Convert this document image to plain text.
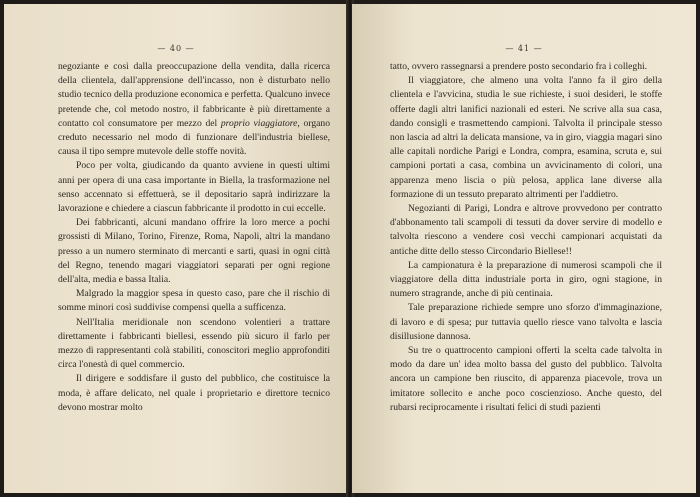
— 40 —

negoziante e così dalla preoccupazione della vendita, dalla ricerca della clientela, dall'apprensione dell'incasso, non è disturbato nello studio tecnico della produzione economica e perfetta. Qualcuno invece pretende che, col metodo nostro, il fabbricante è più direttamente a contatto col consumatore per mezzo del proprio viaggiatore, organo creduto necessario nel modo di funzionare dell'industria biellese, causa il tipo sempre mutevole delle stoffe novità.

Poco per volta, giudicando da quanto avviene in questi ultimi anni per opera di una casa importante in Biella, la trasformazione nel senso accennato si effettuerà, se il depositario saprà indirizzare la lavorazione e chiedere a ciascun fabbricante il prodotto in cui eccelle.

Dei fabbricanti, alcuni mandano offrire la loro merce a pochi grossisti di Milano, Torino, Firenze, Roma, Napoli, altri la mandano presso a un numero sterminato di mercanti e sarti, quasi in ogni città del Regno, tenendo magari viaggiatori separati per ogni regione dell'alta, media e bassa Italia.

Malgrado la maggior spesa in questo caso, pare che il rischio di somme minori così suddivise compensi quella a sufficenza.

Nell'Italia meridionale non scendono volentieri a trattare direttamente i fabbricanti biellesi, essendo più sicuro il farlo per mezzo di rappresentanti colà stabiliti, conoscitori meglio approfonditi circa l'onestà di quel commercio.

Il dirigere e soddisfare il gusto del pubblico, che costituisce la moda, è affare delicato, nel quale i proprietario e direttore tecnico devono mostrar molto

— 41 —

tatto, ovvero rassegnarsi a prendere posto secondario fra i colleghi.

Il viaggiatore, che almeno una volta l'anno fa il giro della clientela e l'avvicina, studia le sue richieste, i suoi desideri, le stoffe offerte dagli altri lanifici nazionali ed esteri. Ne scrive alla sua casa, dando consigli e trasmettendo campioni. Talvolta il principale stesso non lascia ad altri la delicata mansione, va in giro, viaggia magari sino alle capitali nordiche Parigi e Londra, compra, esamina, scruta e, sui campioni portati a casa, combina un avvicinamento di colori, una apparenza meno liscia o più pelosa, applica lane diverse alla formazione di un tessuto preparato altrimenti per l'addietro.

Negozianti di Parigi, Londra e altrove provvedono per contratto d'abbonamento tali scampoli di tessuti da dover servire di modello e talvolta riescono a vendere così vecchi campionari acquistati da antiche ditte dello stesso Circondario Biellese!!

La campionatura è la preparazione di numerosi scampoli che il viaggiatore della ditta industriale porta in giro, ogni stagione, in numero stragrande, anche di più centinaia.

Tale preparazione richiede sempre uno sforzo d'immaginazione, di lavoro e di spesa; pur tuttavia quello riesce vano talvolta e lascia disillusione dannosa.

Su tre o quattrocento campioni offerti la scelta cade talvolta in modo da dare un' idea molto bassa del gusto del pubblico. Talvolta ancora un campione ben riuscito, di apparenza piacevole, trova un imitatore sollecito e anche poco coscienzioso. Anche questo, del rubarsi reciprocamente i risultati felici di studi pazienti
